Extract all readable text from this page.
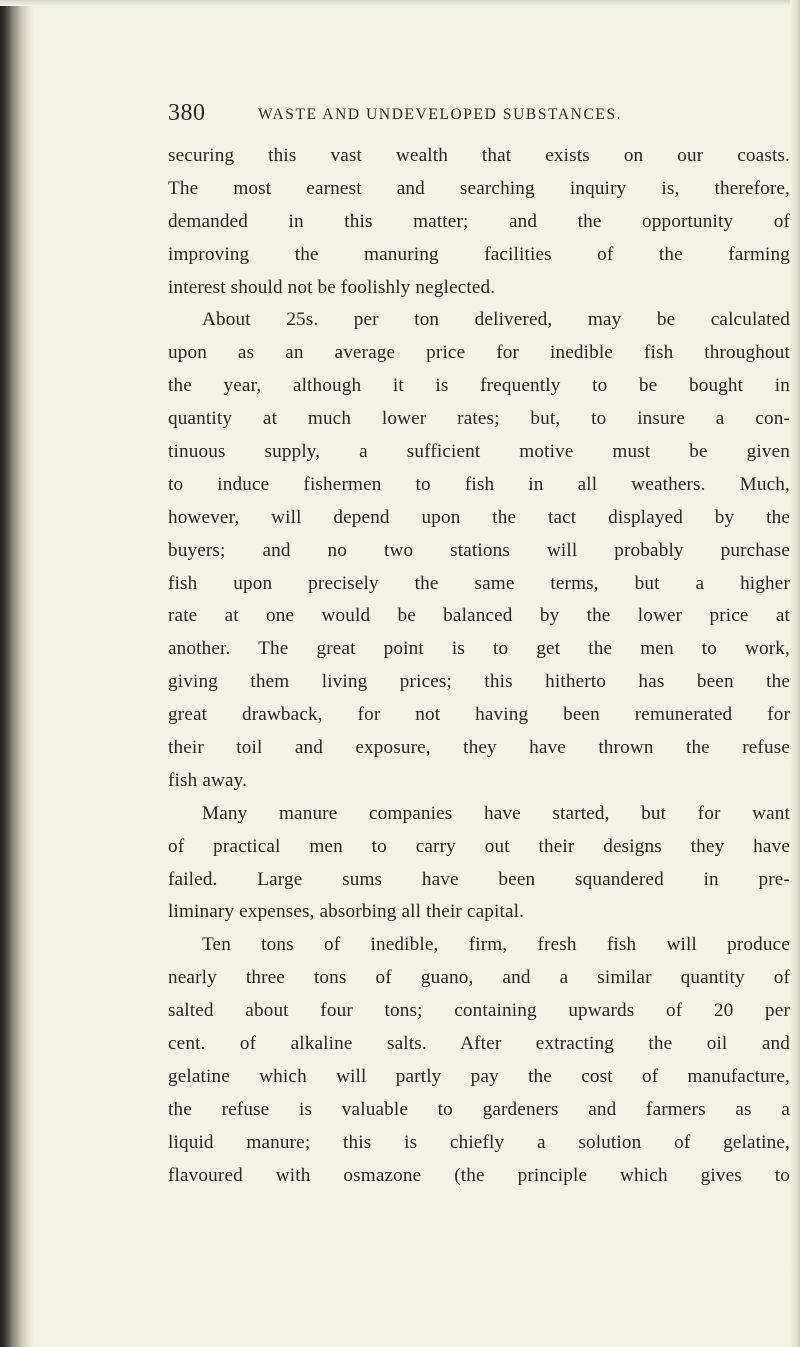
380	WASTE AND UNDEVELOPED SUBSTANCES.
securing this vast wealth that exists on our coasts.
The most earnest and searching inquiry is, therefore,
demanded in this matter; and the opportunity of
improving the manuring facilities of the farming
interest should not be foolishly neglected.
About 25s. per ton delivered, may be calculated
upon as an average price for inedible fish throughout
the year, although it is frequently to be bought in
quantity at much lower rates; but, to insure a con-
tinuous supply, a sufficient motive must be given
to induce fishermen to fish in all weathers. Much,
however, will depend upon the tact displayed by the
buyers; and no two stations will probably purchase
fish upon precisely the same terms, but a higher
rate at one would be balanced by the lower price at
another. The great point is to get the men to work,
giving them living prices; this hitherto has been the
great drawback, for not having been remunerated for
their toil and exposure, they have thrown the refuse
fish away.
Many manure companies have started, but for want
of practical men to carry out their designs they have
failed. Large sums have been squandered in pre-
liminary expenses, absorbing all their capital.
Ten tons of inedible, firm, fresh fish will produce
nearly three tons of guano, and a similar quantity of
salted about four tons; containing upwards of 20 per
cent. of alkaline salts. After extracting the oil and
gelatine which will partly pay the cost of manufacture,
the refuse is valuable to gardeners and farmers as a
liquid manure; this is chiefly a solution of gelatine,
flavoured with osmazone (the principle which gives to
